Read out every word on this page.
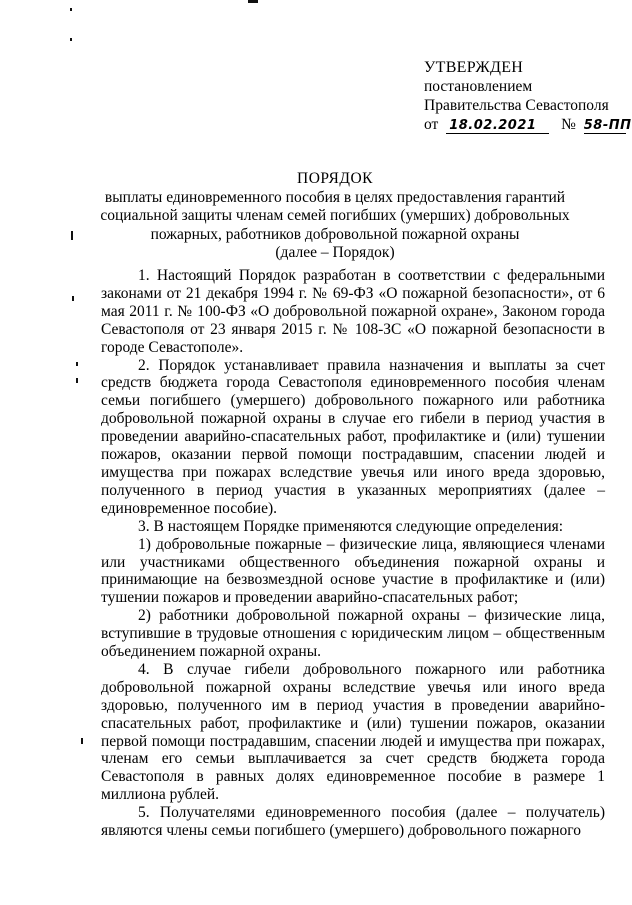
УТВЕРЖДЕН
постановлением
Правительства Севастополя
от 18.02.2021 № 58-ПП
ПОРЯДОК
выплаты единовременного пособия в целях предоставления гарантий социальной защиты членам семей погибших (умерших) добровольных пожарных, работников добровольной пожарной охраны
(далее – Порядок)

1. Настоящий Порядок разработан в соответствии с федеральными законами от 21 декабря 1994 г. № 69-ФЗ «О пожарной безопасности», от 6 мая 2011 г. № 100-ФЗ «О добровольной пожарной охране», Законом города Севастополя от 23 января 2015 г. № 108-ЗС «О пожарной безопасности в городе Севастополе».

2. Порядок устанавливает правила назначения и выплаты за счет средств бюджета города Севастополя единовременного пособия членам семьи погибшего (умершего) добровольного пожарного или работника добровольной пожарной охраны в случае его гибели в период участия в проведении аварийно-спасательных работ, профилактике и (или) тушении пожаров, оказании первой помощи пострадавшим, спасении людей и имущества при пожарах вследствие увечья или иного вреда здоровью, полученного в период участия в указанных мероприятиях (далее – единовременное пособие).

3. В настоящем Порядке применяются следующие определения:

1) добровольные пожарные – физические лица, являющиеся членами или участниками общественного объединения пожарной охраны и принимающие на безвозмездной основе участие в профилактике и (или) тушении пожаров и проведении аварийно-спасательных работ;

2) работники добровольной пожарной охраны – физические лица, вступившие в трудовые отношения с юридическим лицом – общественным объединением пожарной охраны.

4. В случае гибели добровольного пожарного или работника добровольной пожарной охраны вследствие увечья или иного вреда здоровью, полученного им в период участия в проведении аварийно-спасательных работ, профилактике и (или) тушении пожаров, оказании первой помощи пострадавшим, спасении людей и имущества при пожарах, членам его семьи выплачивается за счет средств бюджета города Севастополя в равных долях единовременное пособие в размере 1 миллиона рублей.

5. Получателями единовременного пособия (далее – получатель) являются члены семьи погибшего (умершего) добровольного пожарного
